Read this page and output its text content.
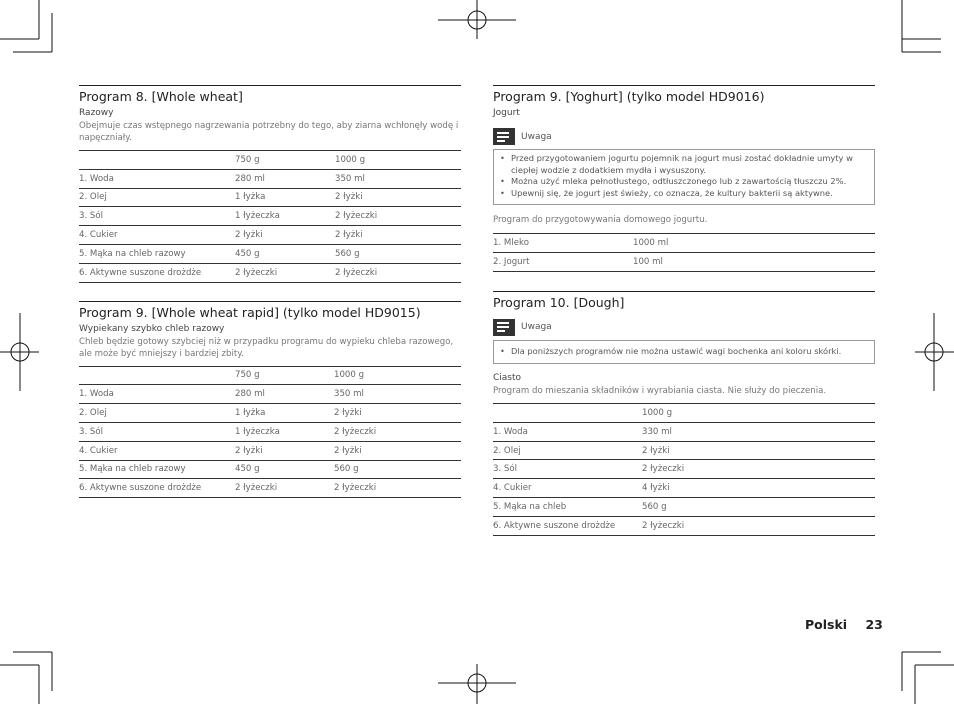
Program 8. [Whole wheat]
Razowy
Obejmuje czas wstępnego nagrzewania potrzebny do tego, aby ziarna wchłonęły wodę i napęczniały.
	750 g	1000 g
1. Woda	280 ml	350 ml
2. Olej	1 łyżka	2 łyżki
3. Sól	1 łyżeczka	2 łyżeczki
4. Cukier	2 łyżki	2 łyżki
5. Mąka na chleb razowy	450 g	560 g
6. Aktywne suszone drożdże	2 łyżeczki	2 łyżeczki
Program 9. [Whole wheat rapid] (tylko model HD9015)
Wypiekany szybko chleb razowy
Chleb będzie gotowy szybciej niż w przypadku programu do wypieku chleba razowego, ale może być mniejszy i bardziej zbity.
	750 g	1000 g
1. Woda	280 ml	350 ml
2. Olej	1 łyżka	2 łyżki
3. Sól	1 łyżeczka	2 łyżeczki
4. Cukier	2 łyżki	2 łyżki
5. Mąka na chleb razowy	450 g	560 g
6. Aktywne suszone drożdże	2 łyżeczki	2 łyżeczki
Program 9. [Yoghurt] (tylko model HD9016)
Jogurt
Uwaga
• Przed przygotowaniem jogurtu pojemnik na jogurt musi zostać dokładnie umyty w ciepłej wodzie z dodatkiem mydła i wysuszony.
• Można użyć mleka pełnotłustego, odtłuszczonego lub z zawartością tłuszczu 2%.
• Upewnij się, że jogurt jest świeży, co oznacza, że kultury bakterii są aktywne.
Program do przygotowywania domowego jogurtu.
1. Mleko	1000 ml
2. Jogurt	100 ml
Program 10. [Dough]
Uwaga
• Dla poniższych programów nie można ustawić wagi bochenka ani koloru skórki.
Ciasto
Program do mieszania składników i wyrabiania ciasta. Nie służy do pieczenia.
	1000 g
1. Woda	330 ml
2. Olej	2 łyżki
3. Sól	2 łyżeczki
4. Cukier	4 łyżki
5. Mąka na chleb	560 g
6. Aktywne suszone drożdże	2 łyżeczki
Polski 23
